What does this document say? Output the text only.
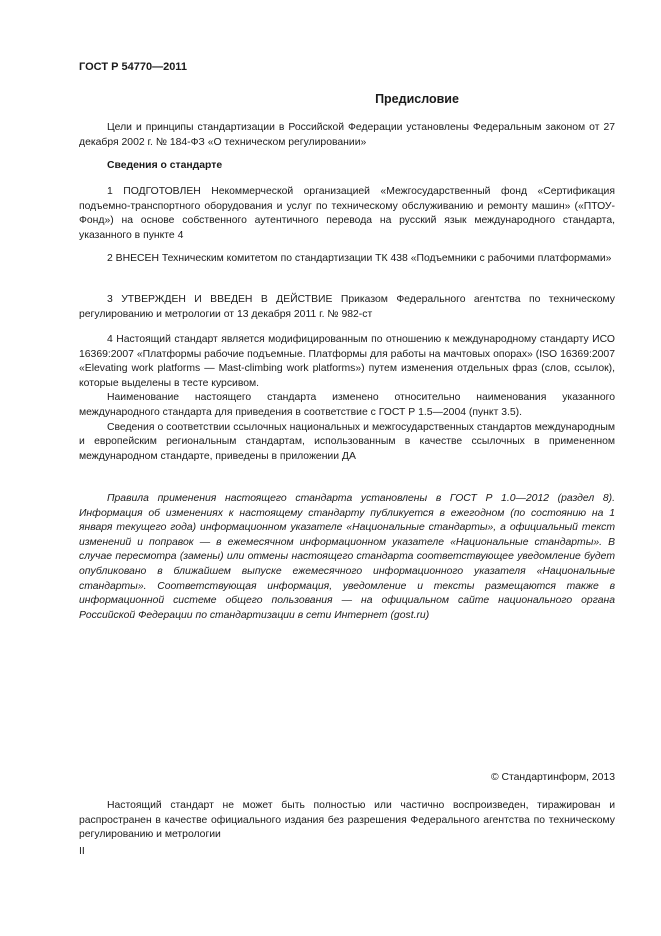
ГОСТ Р 54770—2011
Предисловие

Цели и принципы стандартизации в Российской Федерации установлены Федеральным законом от 27 декабря 2002 г. № 184-ФЗ «О техническом регулировании»

Сведения о стандарте

1 ПОДГОТОВЛЕН Некоммерческой организацией «Межгосударственный фонд «Сертификация подъемно-транспортного оборудования и услуг по техническому обслуживанию и ремонту машин» («ПТОУ-Фонд») на основе собственного аутентичного перевода на русский язык международного стандарта, указанного в пункте 4

2 ВНЕСЕН Техническим комитетом по стандартизации ТК 438 «Подъемники с рабочими платформами»

3 УТВЕРЖДЕН И ВВЕДЕН В ДЕЙСТВИЕ Приказом Федерального агентства по техническому регулированию и метрологии от 13 декабря 2011 г. № 982-ст

4 Настоящий стандарт является модифицированным по отношению к международному стандарту ИСО 16369:2007 «Платформы рабочие подъемные. Платформы для работы на мачтовых опорах» (ISO 16369:2007 «Elevating work platforms — Mast-climbing work platforms») путем изменения отдельных фраз (слов, ссылок), которые выделены в тесте курсивом.

Наименование настоящего стандарта изменено относительно наименования указанного международного стандарта для приведения в соответствие с ГОСТ Р 1.5—2004 (пункт 3.5).

Сведения о соответствии ссылочных национальных и межгосударственных стандартов международным и европейским региональным стандартам, использованным в качестве ссылочных в примененном международном стандарте, приведены в приложении ДА

Правила применения настоящего стандарта установлены в ГОСТ Р 1.0—2012 (раздел 8). Информация об изменениях к настоящему стандарту публикуется в ежегодном (по состоянию на 1 января текущего года) информационном указателе «Национальные стандарты», а официальный текст изменений и поправок — в ежемесячном информационном указателе «Национальные стандарты». В случае пересмотра (замены) или отмены настоящего стандарта соответствующее уведомление будет опубликовано в ближайшем выпуске ежемесячного информационного указателя «Национальные стандарты». Соответствующая информация, уведомление и тексты размещаются также в информационной системе общего пользования — на официальном сайте национального органа Российской Федерации по стандартизации в сети Интернет (gost.ru)

© Стандартинформ, 2013

Настоящий стандарт не может быть полностью или частично воспроизведен, тиражирован и распространен в качестве официального издания без разрешения Федерального агентства по техническому регулированию и метрологии

II
